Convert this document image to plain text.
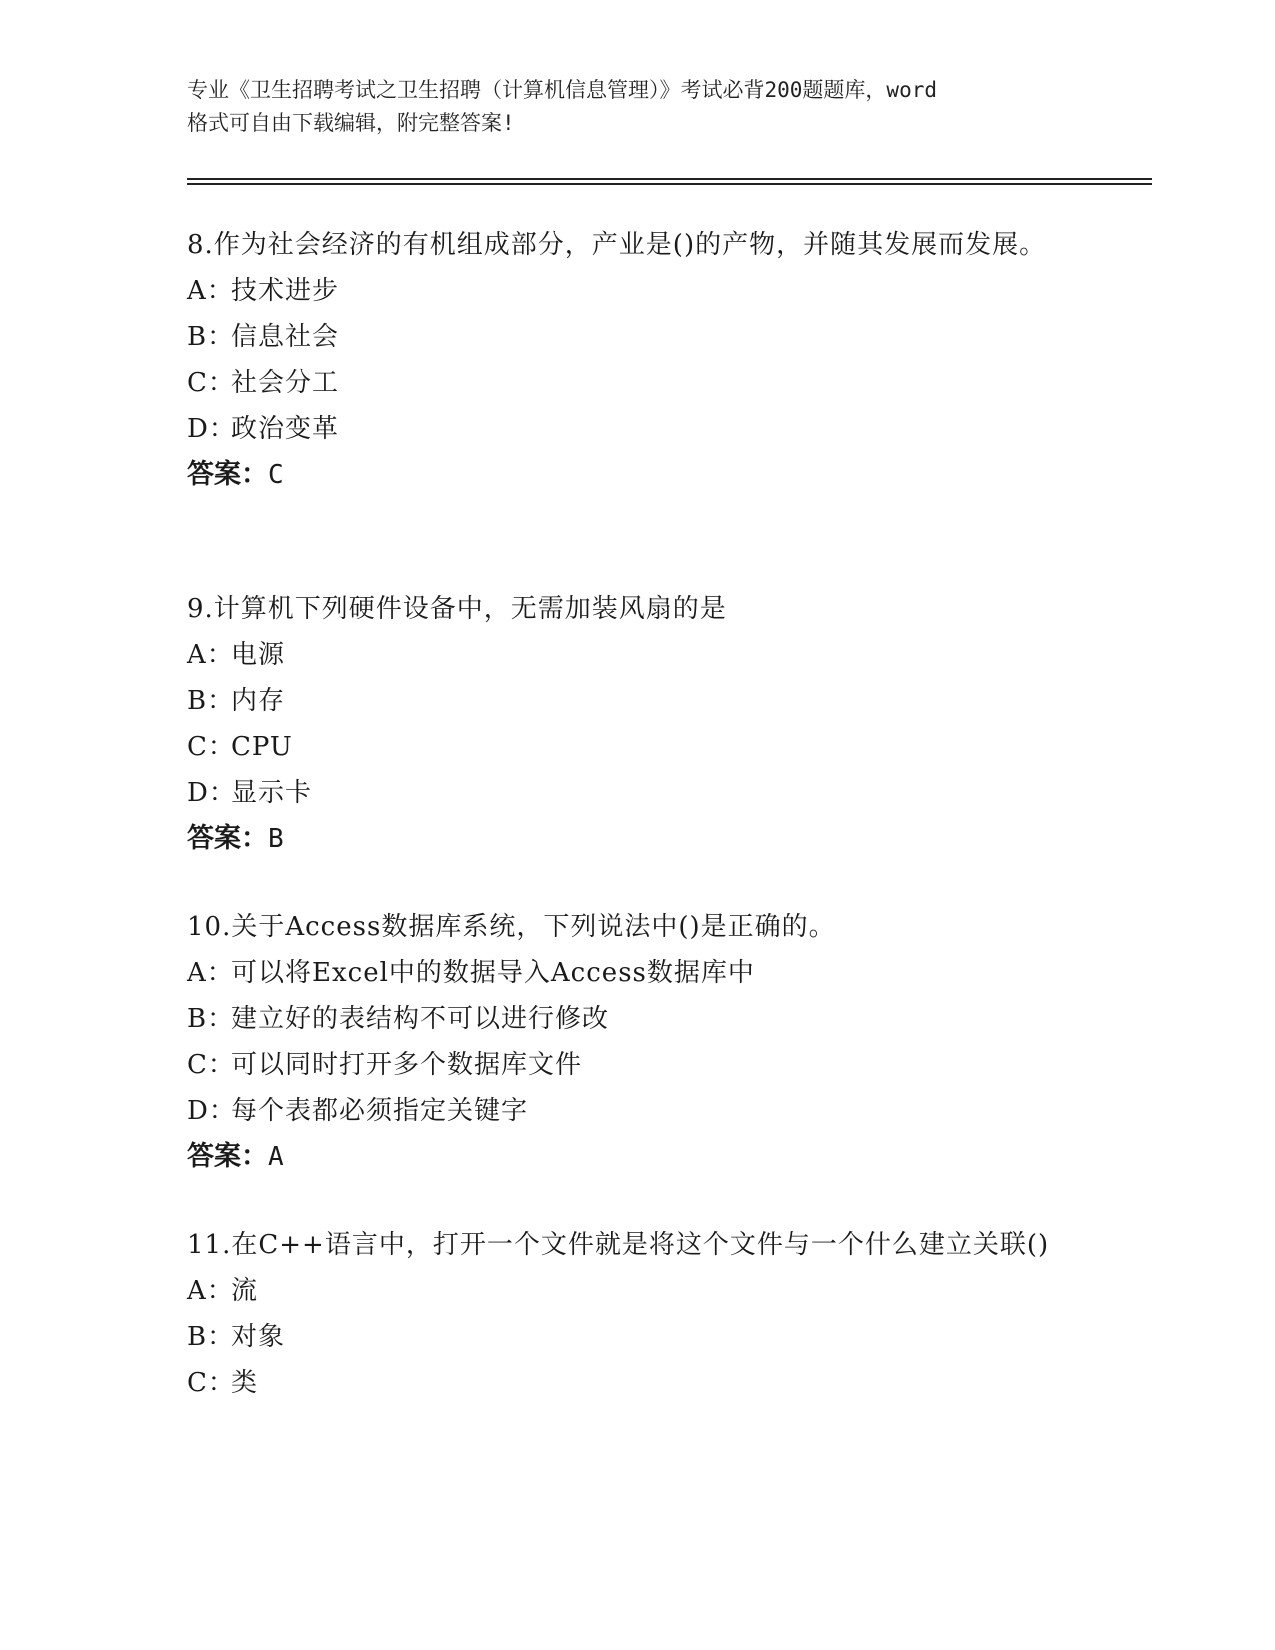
专业《卫生招聘考试之卫生招聘（计算机信息管理）》考试必背200题题库，word
格式可自由下载编辑，附完整答案!
8.作为社会经济的有机组成部分，产业是()的产物，并随其发展而发展。
A：技术进步
B：信息社会
C：社会分工
D：政治变革
答案：C
9.计算机下列硬件设备中，无需加装风扇的是
A：电源
B：内存
C：CPU
D：显示卡
答案：B
10.关于Access数据库系统，下列说法中()是正确的。
A：可以将Excel中的数据导入Access数据库中
B：建立好的表结构不可以进行修改
C：可以同时打开多个数据库文件
D：每个表都必须指定关键字
答案：A
11.在C++语言中，打开一个文件就是将这个文件与一个什么建立关联()
A：流
B：对象
C：类
